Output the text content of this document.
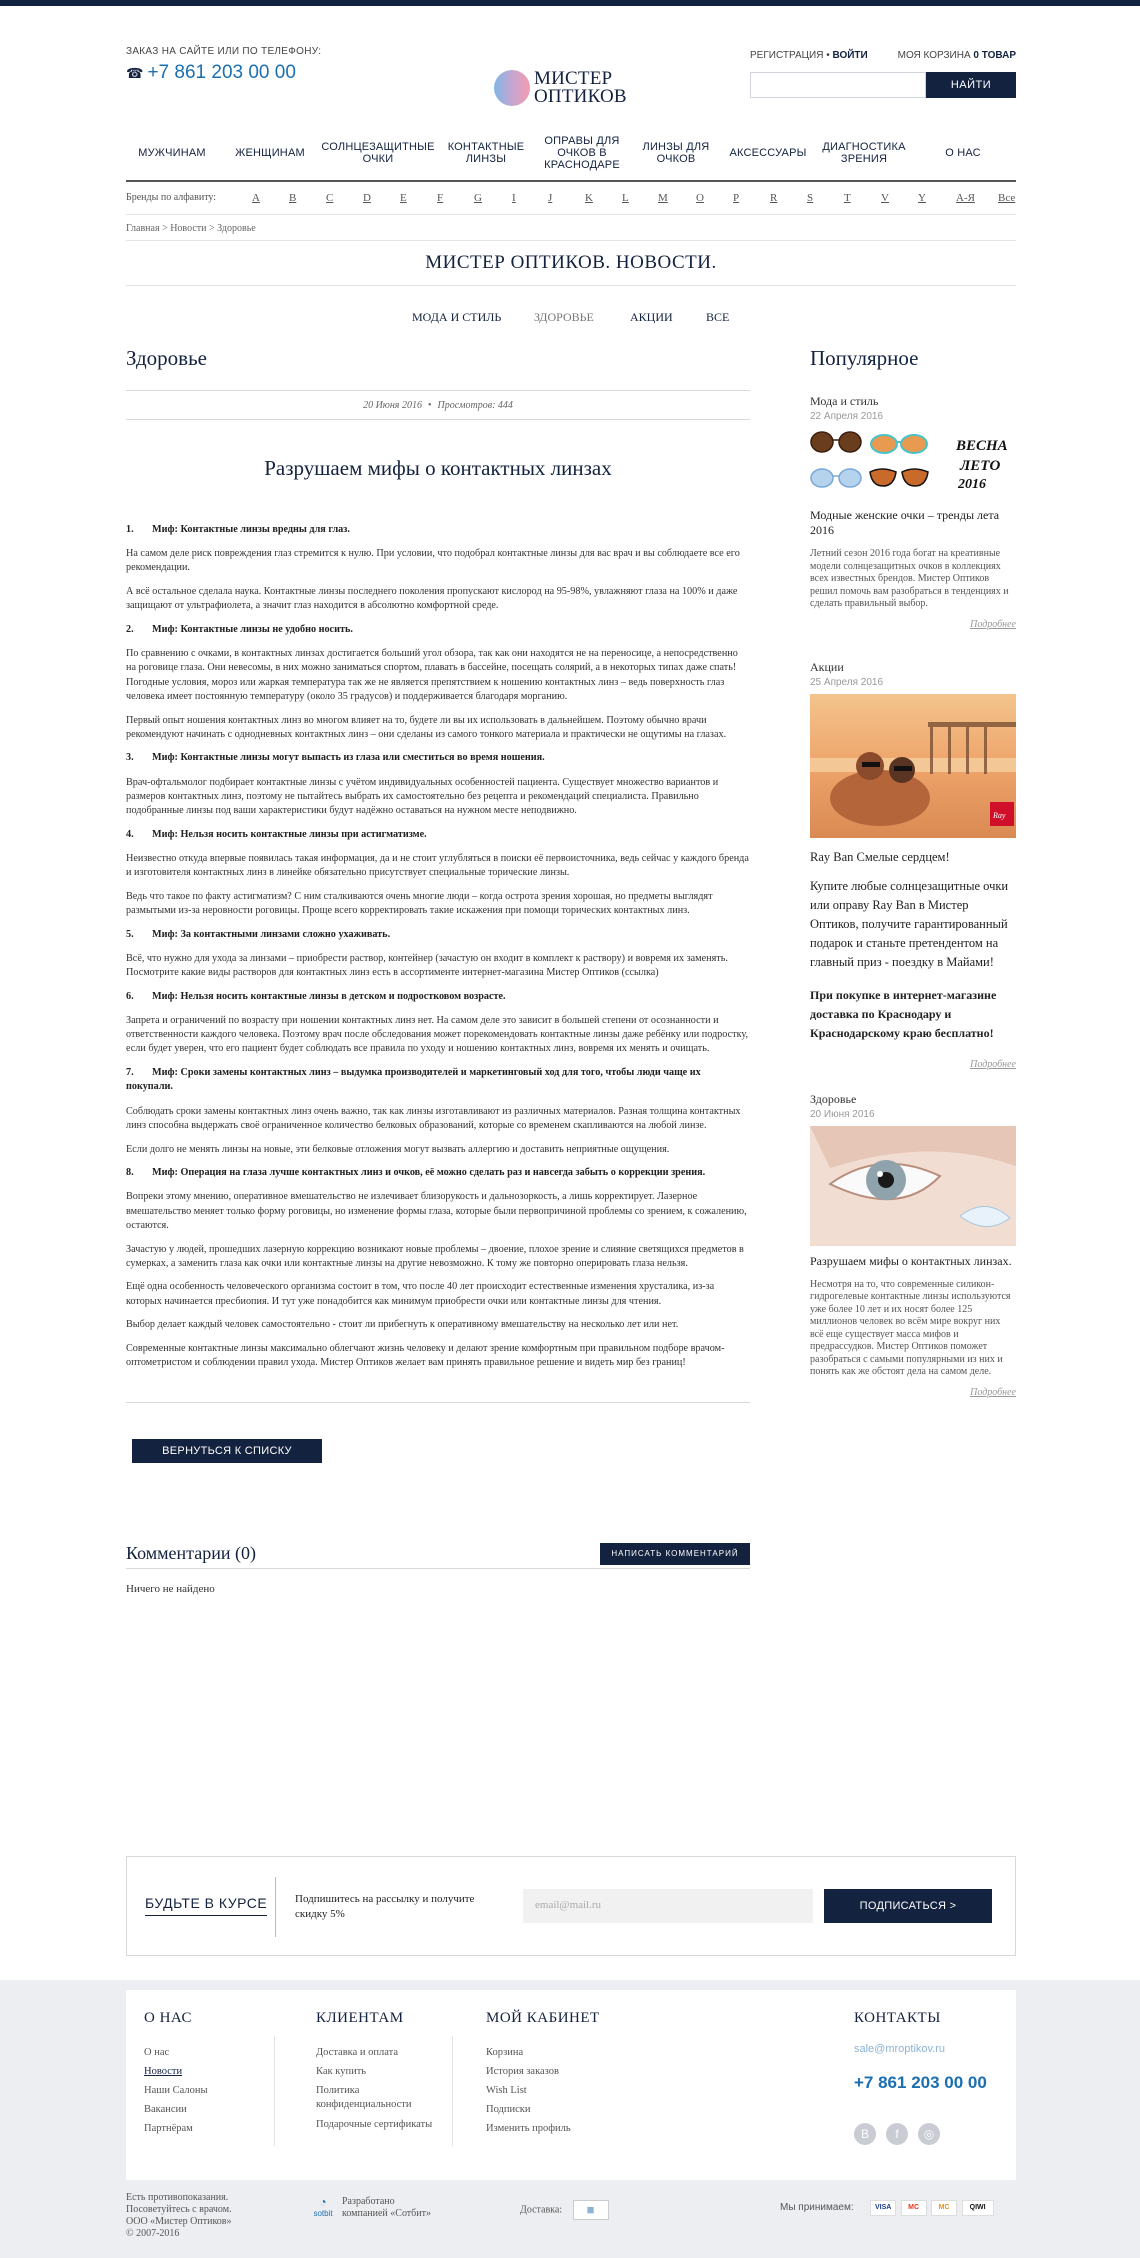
ЗАКАЗ НА САЙТЕ ИЛИ ПО ТЕЛЕФОНУ:
☎ +7 861 203 00 00	МИСТЕР
ОПТИКОВ
РЕГИСТРАЦИЯ • ВОЙТИ	МОЯ КОРЗИНА 0 ТОВАР
НАЙТИ
МУЖЧИНАМ	ЖЕНЩИНАМ	СОЛНЦЕЗАЩИТНЫЕ ОЧКИ
КОНТАКТНЫЕ ЛИНЗЫ
ОПРАВЫ ДЛЯ ОЧКОВ В КРАСНОДАРЕ
ЛИНЗЫ ДЛЯ ОЧКОВ	АКСЕССУАРЫ	ДИАГНОСТИКА ЗРЕНИЯ	О НАС
Бренды по алфавиту:	A	B	C	D	E	F	G	I	J	K	L	M	O	P	R	S	T	V	Y	А-Я Все
Главная > Новости > Здоровье
МИСТЕР ОПТИКОВ. НОВОСТИ.
МОДА И СТИЛЬ	ЗДОРОВЬЕ	АКЦИИ	ВСЕ
Здоровье
20 Июня 2016 • Просмотров: 444
Разрушаем мифы о контактных линзах
1. Миф: Контактные линзы вредны для глаз.
На самом деле риск повреждения глаз стремится к нулю. При условии, что подобрал контактные линзы для вас врач и вы соблюдаете все его рекомендации.
А всё остальное сделала наука. Контактные линзы последнего поколения пропускают кислород на 95-98%, увлажняют глаза на 100% и даже защищают от ультрафиолета, а значит глаз находится в абсолютно комфортной среде.
2. Миф: Контактные линзы не удобно носить.
По сравнению с очками, в контактных линзах достигается больший угол обзора, так как они находятся не на переносице, а непосредственно на роговице глаза. Они невесомы, в них можно заниматься спортом, плавать в бассейне, посещать солярий, а в некоторых типах даже спать! Погодные условия, мороз или жаркая температура так же не является препятствием к ношению контактных линз – ведь поверхность глаз человека имеет постоянную температуру (около 35 градусов) и поддерживается благодаря морганию.
Первый опыт ношения контактных линз во многом влияет на то, будете ли вы их использовать в дальнейшем. Поэтому обычно врачи рекомендуют начинать с однодневных контактных линз – они сделаны из самого тонкого материала и практически не ощутимы на глазах.
3. Миф: Контактные линзы могут выпасть из глаза или сместиться во время ношения.
Врач-офтальмолог подбирает контактные линзы с учётом индивидуальных особенностей пациента. Существует множество вариантов и размеров контактных линз, поэтому не пытайтесь выбрать их самостоятельно без рецепта и рекомендаций специалиста. Правильно подобранные линзы под ваши характеристики будут надёжно оставаться на нужном месте неподвижно.
4. Миф: Нельзя носить контактные линзы при астигматизме.
Неизвестно откуда впервые появилась такая информация, да и не стоит углубляться в поиски её первоисточника, ведь сейчас у каждого бренда и изготовителя контактных линз в линейке обязательно присутствует специальные торические линзы.
Ведь что такое по факту астигматизм? С ним сталкиваются очень многие люди – когда острота зрения хорошая, но предметы выглядят размытыми из-за неровности роговицы. Проще всего корректировать такие искажения при помощи торических контактных линз.
5. Миф: За контактными линзами сложно ухаживать.
Всё, что нужно для ухода за линзами – приобрести раствор, контейнер (зачастую он входит в комплект к раствору) и вовремя их заменять. Посмотрите какие виды растворов для контактных линз есть в ассортименте интернет-магазина Мистер Оптиков (ссылка)
6. Миф: Нельзя носить контактные линзы в детском и подростковом возрасте.
Запрета и ограничений по возрасту при ношении контактных линз нет. На самом деле это зависит в большей степени от осознанности и ответственности каждого человека. Поэтому врач после обследования может порекомендовать контактные линзы даже ребёнку или подростку, если будет уверен, что его пациент будет соблюдать все правила по уходу и ношению контактных линз, вовремя их менять и очищать.
7. Миф: Сроки замены контактных линз – выдумка производителей и маркетинговый ход для того, чтобы люди чаще их покупали.
Соблюдать сроки замены контактных линз очень важно, так как линзы изготавливают из различных материалов. Разная толщина контактных линз способна выдержать своё ограниченное количество белковых образований, которые со временем скапливаются на любой линзе.
Если долго не менять линзы на новые, эти белковые отложения могут вызвать аллергию и доставить неприятные ощущения.
8. Миф: Операция на глаза лучше контактных линз и очков, её можно сделать раз и навсегда забыть о коррекции зрения.
Вопреки этому мнению, оперативное вмешательство не излечивает близорукость и дальнозоркость, а лишь корректирует. Лазерное вмешательство меняет только форму роговицы, но изменение формы глаза, которые были первопричиной проблемы со зрением, к сожалению, остаются.
Зачастую у людей, прошедших лазерную коррекцию возникают новые проблемы – двоение, плохое зрение и слияние светящихся предметов в сумерках, а заменить глаза как очки или контактные линзы на другие невозможно. К тому же повторно оперировать глаза нельзя.
Ещё одна особенность человеческого организма состоит в том, что после 40 лет происходит естественные изменения хрусталика, из-за которых начинается пресбиопия. И тут уже понадобится как минимум приобрести очки или контактные линзы для чтения.
Выбор делает каждый человек самостоятельно - стоит ли прибегнуть к оперативному вмешательству на несколько лет или нет.
Современные контактные линзы максимально облегчают жизнь человеку и делают зрение комфортным при правильном подборе врачом-оптометристом и соблюдении правил ухода. Мистер Оптиков желает вам принять правильное решение и видеть мир без границ!
ВЕРНУТЬСЯ К СПИСКУ
Комментарии (0)	НАПИСАТЬ КОММЕНТАРИЙ
Ничего не найдено
Популярное
Мода и стиль
22 Апреля 2016
ВЕСНА
ЛЕТО
2016
Модные женские очки – тренды лета 2016
Летний сезон 2016 года богат на креативные модели солнцезащитных очков в коллекциях всех известных брендов. Мистер Оптиков решил помочь вам разобраться в тенденциях и сделать правильный выбор.
Подробнее
Акции
25 Апреля 2016
Ray
Ray Ban Смелые сердцем!
Купите любые солнцезащитные очки или оправу Ray Ban в Мистер Оптиков, получите гарантированный подарок и станьте претендентом на главный приз - поездку в Майами!
При покупке в интернет-магазине доставка по Краснодару и Краснодарскому краю бесплатно!
Подробнее
Здоровье
20 Июня 2016
Разрушаем мифы о контактных линзах.
Несмотря на то, что современные силикон-гидрогелевые контактные линзы используются уже более 10 лет и их носят более 125 миллионов человек во всём мире вокруг них всё еще существует масса мифов и предрассудков. Мистер Оптиков поможет разобраться с самыми популярными из них и понять как же обстоят дела на самом деле.
Подробнее
БУДЬТЕ В КУРСЕ	Подпишитесь на рассылку и получите скидку 5%
email@mail.ru	ПОДПИСАТЬСЯ >
О НАС
О нас
Новости
Наши Салоны
Вакансии
Партнёрам
КЛИЕНТАМ
Доставка и оплата
Как купить
Политика конфиденциальности
Подарочные сертификаты
МОЙ КАБИНЕТ
Корзина
История заказов
Wish List
Подписки
Изменить профиль
КОНТАКТЫ
sale@mroptikov.ru
+7 861 203 00 00
В f ◎
Есть противопоказания.
Посоветуйтесь с врачом.
ООО «Мистер Оптиков»
© 2007-2016
◔
sotbit
Разработано
компанией «Сотбит»	Доставка: ■	Мы принимаем:	VISA MC	MC	QIWI
